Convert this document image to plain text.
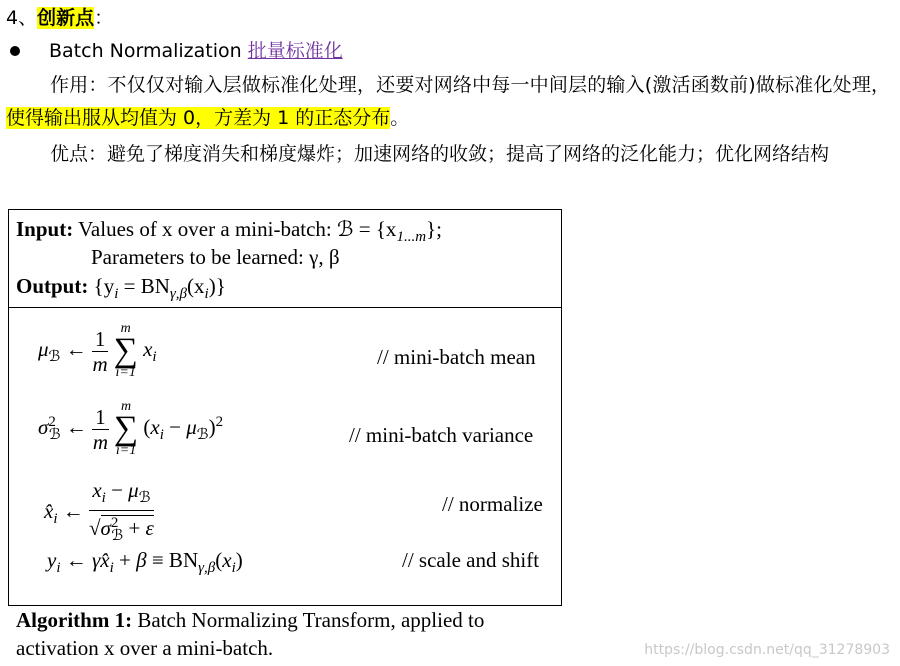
4、创新点：
Batch Normalization 批量标准化
作用：不仅仅对输入层做标准化处理，还要对网络中每一中间层的输入(激活函数前)做标准化处理，使得输出服从均值为 0，方差为 1 的正态分布。
优点：避免了梯度消失和梯度爆炸；加速网络的收敛；提高了网络的泛化能力；优化网络结构
Input: Values of x over a mini-batch: ℬ = $\{x_{1...m}\}$;
Parameters to be learned: γ, β
Output: $\{y_i = BN_{\gamma,\beta}(x_i)\}$
$\mu_ℬ$ ← $\frac{1}{m}$
m
∑
i=1
$x_i$	// mini-batch mean
$\sigma^2_ℬ$ ← $\frac{1}{m}$
m
∑
i=1
$(x_i - \mu_ℬ)^2$
// mini-batch variance
$x̂_i$ ← $\frac{x_i - \mu_ℬ}{√\sigma^2_ℬ + \varepsilon}$	// normalize
$y_i$ ← $\gamma x̂_i + \beta \equiv BN_{\gamma,\beta}(x_i)$	// scale and shift
Algorithm 1: Batch Normalizing Transform, applied to
activation x over a mini-batch.	https://blog.csdn.net/qq_31278903
